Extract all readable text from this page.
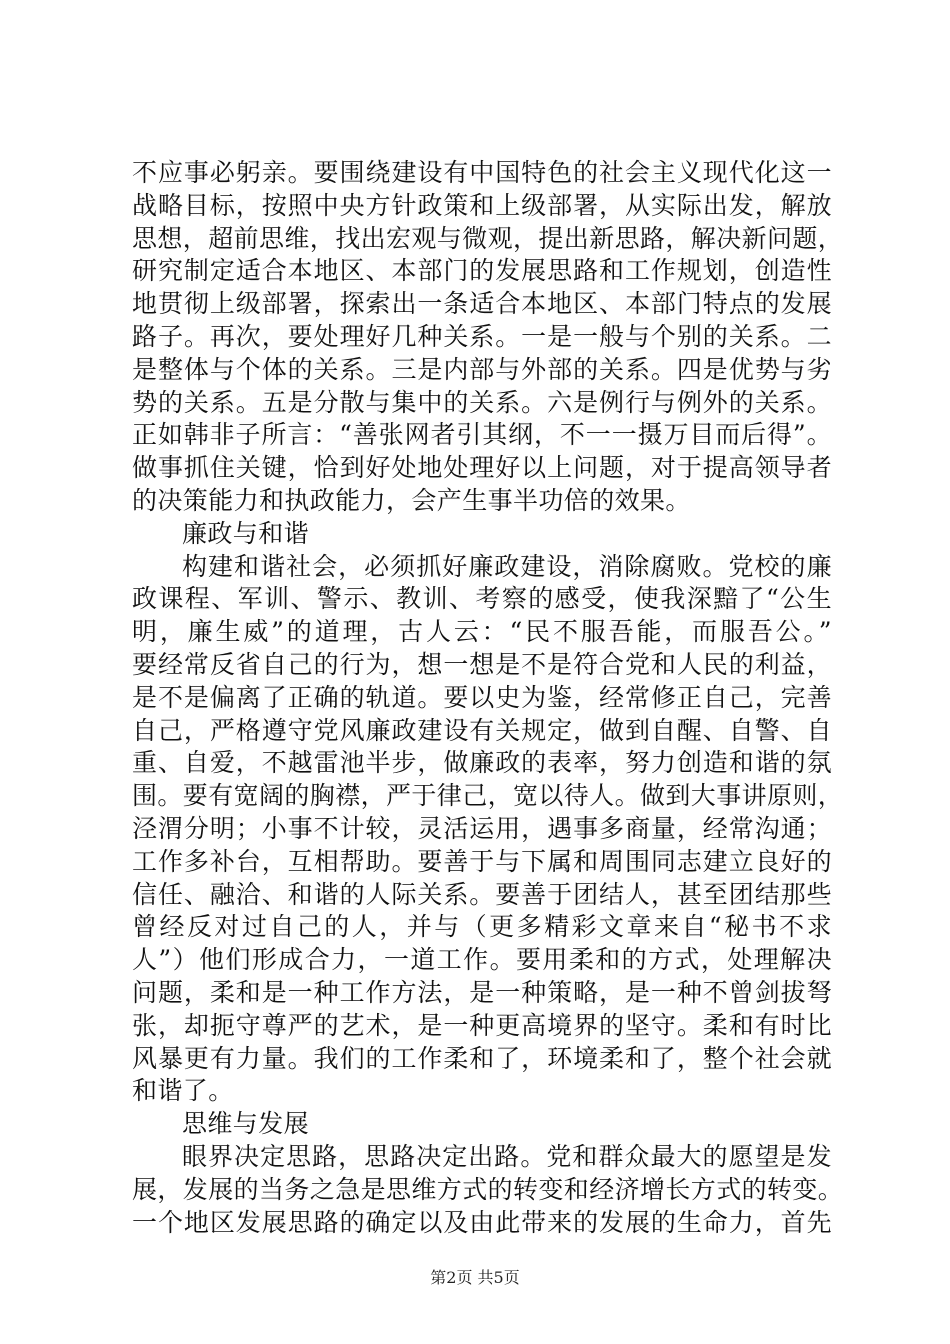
不应事必躬亲。要围绕建设有中国特色的社会主义现代化这一
战略目标，按照中央方针政策和上级部署，从实际出发，解放
思想，超前思维，找出宏观与微观，提出新思路，解决新问题，
研究制定适合本地区、本部门的发展思路和工作规划，创造性
地贯彻上级部署，探索出一条适合本地区、本部门特点的发展
路子。再次，要处理好几种关系。一是一般与个别的关系。二
是整体与个体的关系。三是内部与外部的关系。四是优势与劣
势的关系。五是分散与集中的关系。六是例行与例外的关系。
正如韩非子所言：“善张网者引其纲，不一一摄万目而后得”。
做事抓住关键，恰到好处地处理好以上问题，对于提高领导者
的决策能力和执政能力，会产生事半功倍的效果。
廉政与和谐
构建和谐社会，必须抓好廉政建设，消除腐败。党校的廉
政课程、军训、警示、教训、考察的感受，使我深黯了“公生
明，廉生威”的道理，古人云：“民不服吾能，而服吾公。”
要经常反省自己的行为，想一想是不是符合党和人民的利益，
是不是偏离了正确的轨道。要以史为鉴，经常修正自己，完善
自己，严格遵守党风廉政建设有关规定，做到自醒、自警、自
重、自爱，不越雷池半步，做廉政的表率，努力创造和谐的氛
围。要有宽阔的胸襟，严于律己，宽以待人。做到大事讲原则，
泾渭分明；小事不计较，灵活运用，遇事多商量，经常沟通；
工作多补台，互相帮助。要善于与下属和周围同志建立良好的
信任、融洽、和谐的人际关系。要善于团结人，甚至团结那些
曾经反对过自己的人，并与（更多精彩文章来自“秘书不求
人”）他们形成合力，一道工作。要用柔和的方式，处理解决
问题，柔和是一种工作方法，是一种策略，是一种不曾剑拔弩
张，却扼守尊严的艺术，是一种更高境界的坚守。柔和有时比
风暴更有力量。我们的工作柔和了，环境柔和了，整个社会就
和谐了。
思维与发展
眼界决定思路，思路决定出路。党和群众最大的愿望是发
展，发展的当务之急是思维方式的转变和经济增长方式的转变。
一个地区发展思路的确定以及由此带来的发展的生命力，首先
第2页 共5页
